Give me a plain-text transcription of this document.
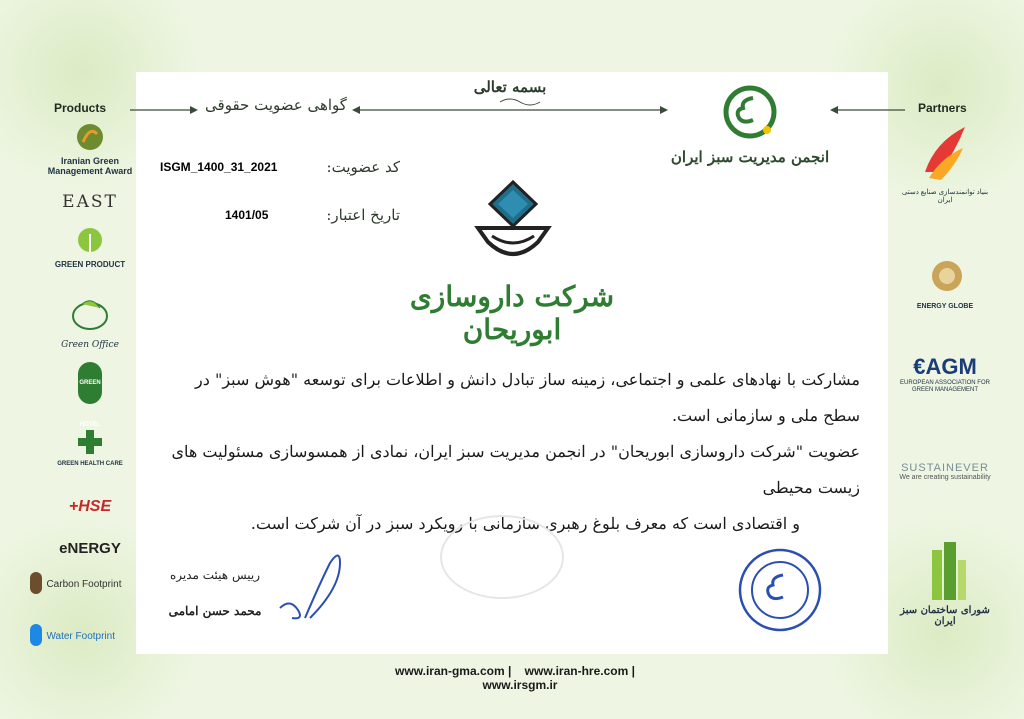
بسمه تعالی
گواهی عضویت حقوقی
انجمن مدیریت سبز ایران
کد عضویت:
ISGM_1400_31_2021
تاریخ اعتبار:
1401/05
شرکت داروسازی ابوریحان
مشارکت با نهادهای علمی و اجتماعی، زمینه ساز تبادل دانش و اطلاعات برای توسعه "هوش سبز" در سطح ملی و سازمانی است.
عضویت "شرکت داروسازی ابوریحان" در انجمن مدیریت سبز ایران، نمادی از همسوسازی مسئولیت های زیست محیطی
و اقتصادی است که معرف بلوغ رهبری سازمانی با رویکرد سبز در آن شرکت است.
رییس هیئت مدیره
محمد حسن امامی
Products
Iranian Green Management Award
EAST
GREEN PRODUCT
Green Office
GREEN HOTEL
GREEN HEALTH CARE
+HSE
eNERGY
Carbon Footprint
Water Footprint
Partners
بنیاد توانمندسازی صنایع دستی ایران
ENERGY GLOBE
€AGM
EUROPEAN ASSOCIATION FOR GREEN MANAGEMENT
SUSTAINEVER
We are creating sustainability
شورای ساختمان سبز ایران
www.iran-gma.com | www.iran-hre.com | www.irsgm.ir
